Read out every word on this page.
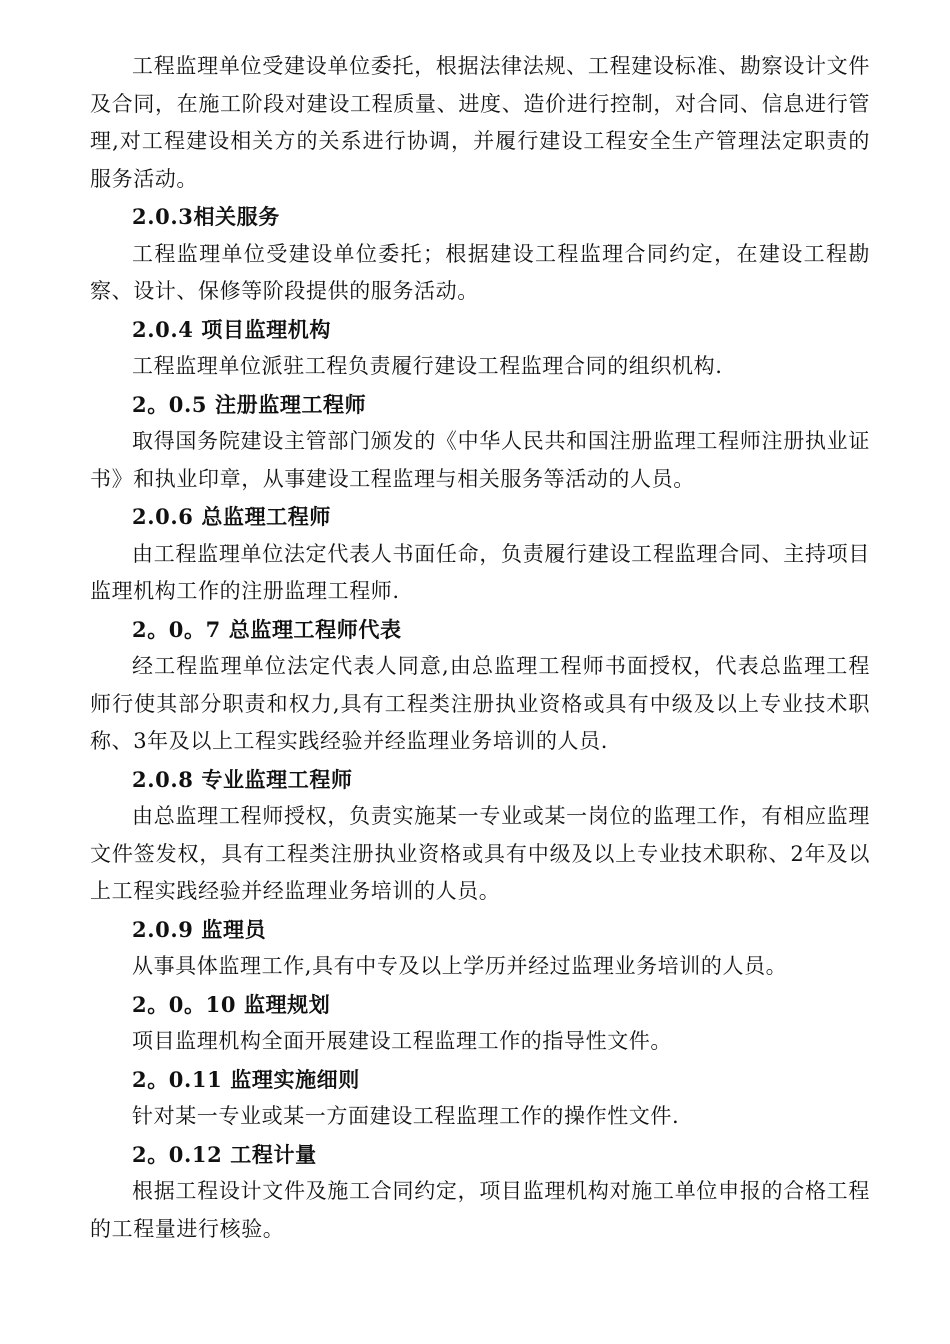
工程监理单位受建设单位委托，根据法律法规、工程建设标准、勘察设计文件及合同，在施工阶段对建设工程质量、进度、造价进行控制，对合同、信息进行管理,对工程建设相关方的关系进行协调，并履行建设工程安全生产管理法定职责的服务活动。

2.0.3相关服务

工程监理单位受建设单位委托；根据建设工程监理合同约定，在建设工程勘察、设计、保修等阶段提供的服务活动。

2.0.4 项目监理机构

工程监理单位派驻工程负责履行建设工程监理合同的组织机构.

2。0.5 注册监理工程师

取得国务院建设主管部门颁发的《中华人民共和国注册监理工程师注册执业证书》和执业印章，从事建设工程监理与相关服务等活动的人员。

2.0.6 总监理工程师

由工程监理单位法定代表人书面任命，负责履行建设工程监理合同、主持项目监理机构工作的注册监理工程师.

2。0。7 总监理工程师代表

经工程监理单位法定代表人同意,由总监理工程师书面授权，代表总监理工程师行使其部分职责和权力,具有工程类注册执业资格或具有中级及以上专业技术职称、3年及以上工程实践经验并经监理业务培训的人员.

2.0.8 专业监理工程师

由总监理工程师授权，负责实施某一专业或某一岗位的监理工作，有相应监理文件签发权，具有工程类注册执业资格或具有中级及以上专业技术职称、2年及以上工程实践经验并经监理业务培训的人员。

2.0.9 监理员

从事具体监理工作,具有中专及以上学历并经过监理业务培训的人员。

2。0。10 监理规划

项目监理机构全面开展建设工程监理工作的指导性文件。

2。0.11 监理实施细则

针对某一专业或某一方面建设工程监理工作的操作性文件.

2。0.12 工程计量

根据工程设计文件及施工合同约定，项目监理机构对施工单位申报的合格工程的工程量进行核验。
